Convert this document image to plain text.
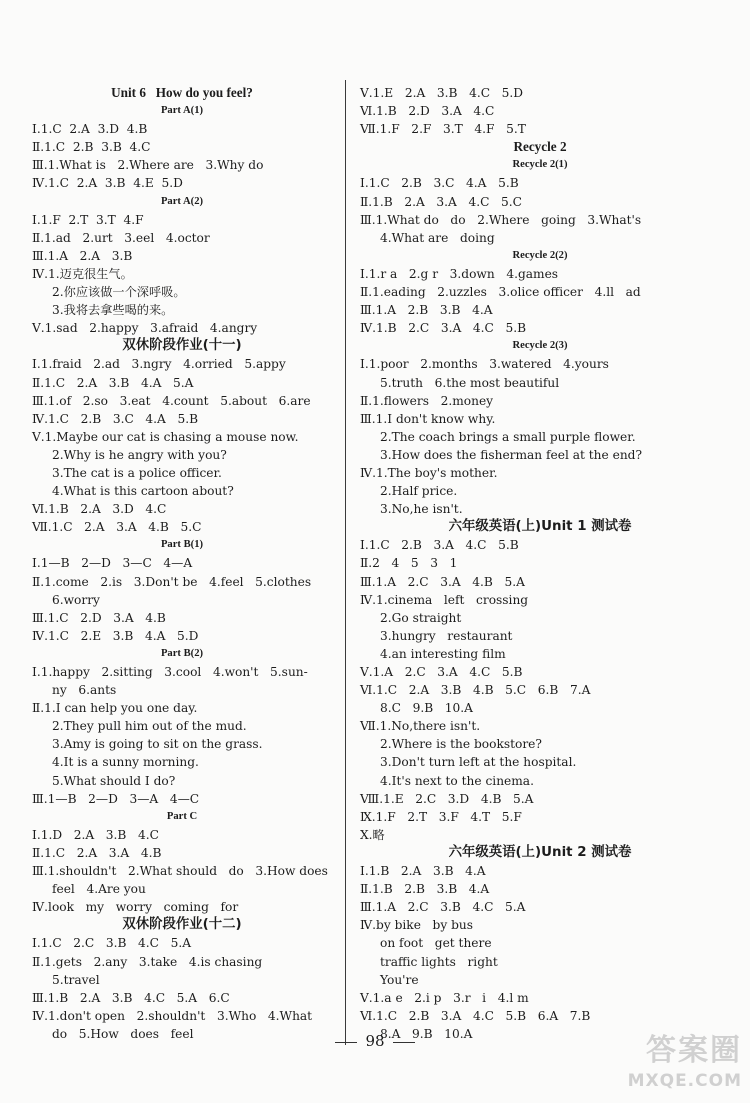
Unit 6   How do you feel?
Part A(1)
Ⅰ.1.C  2.A  3.D  4.B
Ⅱ.1.C  2.B  3.B  4.C
Ⅲ.1.What is   2.Where are   3.Why do
Ⅳ.1.C  2.A  3.B  4.E  5.D
Part A(2)
Ⅰ.1.F  2.T  3.T  4.F
Ⅱ.1.ad   2.urt   3.eel   4.octor
Ⅲ.1.A   2.A   3.B
Ⅳ.1.迈克很生气。
2.你应该做一个深呼吸。
3.我将去拿些喝的来。
Ⅴ.1.sad   2.happy   3.afraid   4.angry
双休阶段作业(十一)
Ⅰ.1.fraid   2.ad   3.ngry   4.orried   5.appy
Ⅱ.1.C   2.A   3.B   4.A   5.A
Ⅲ.1.of   2.so   3.eat   4.count   5.about   6.are
Ⅳ.1.C   2.B   3.C   4.A   5.B
Ⅴ.1.Maybe our cat is chasing a mouse now.
2.Why is he angry with you?
3.The cat is a police officer.
4.What is this cartoon about?
Ⅵ.1.B   2.A   3.D   4.C
Ⅶ.1.C   2.A   3.A   4.B   5.C
Part B(1)
Ⅰ.1—B   2—D   3—C   4—A
Ⅱ.1.come   2.is   3.Don't be   4.feel   5.clothes
6.worry
Ⅲ.1.C   2.D   3.A   4.B
Ⅳ.1.C   2.E   3.B   4.A   5.D
Part B(2)
Ⅰ.1.happy   2.sitting   3.cool   4.won't   5.sun-
ny   6.ants
Ⅱ.1.I can help you one day.
2.They pull him out of the mud.
3.Amy is going to sit on the grass.
4.It is a sunny morning.
5.What should I do?
Ⅲ.1—B   2—D   3—A   4—C
Part C
Ⅰ.1.D   2.A   3.B   4.C
Ⅱ.1.C   2.A   3.A   4.B
Ⅲ.1.shouldn't   2.What should   do   3.How does
feel   4.Are you
Ⅳ.look   my   worry   coming   for
双休阶段作业(十二)
Ⅰ.1.C   2.C   3.B   4.C   5.A
Ⅱ.1.gets   2.any   3.take   4.is chasing
5.travel
Ⅲ.1.B   2.A   3.B   4.C   5.A   6.C
Ⅳ.1.don't open   2.shouldn't   3.Who   4.What
do   5.How   does   feel
Ⅴ.1.E   2.A   3.B   4.C   5.D
Ⅵ.1.B   2.D   3.A   4.C
Ⅶ.1.F   2.F   3.T   4.F   5.T
Recycle 2
Recycle 2(1)
Ⅰ.1.C   2.B   3.C   4.A   5.B
Ⅱ.1.B   2.A   3.A   4.C   5.C
Ⅲ.1.What do   do   2.Where   going   3.What's
4.What are   doing
Recycle 2(2)
Ⅰ.1.r a   2.g r   3.down   4.games
Ⅱ.1.eading   2.uzzles   3.olice officer   4.ll   ad
Ⅲ.1.A   2.B   3.B   4.A
Ⅳ.1.B   2.C   3.A   4.C   5.B
Recycle 2(3)
Ⅰ.1.poor   2.months   3.watered   4.yours
5.truth   6.the most beautiful
Ⅱ.1.flowers   2.money
Ⅲ.1.I don't know why.
2.The coach brings a small purple flower.
3.How does the fisherman feel at the end?
Ⅳ.1.The boy's mother.
2.Half price.
3.No,he isn't.
六年级英语(上)Unit 1 测试卷
Ⅰ.1.C   2.B   3.A   4.C   5.B
Ⅱ.2   4   5   3   1
Ⅲ.1.A   2.C   3.A   4.B   5.A
Ⅳ.1.cinema   left   crossing
2.Go straight
3.hungry   restaurant
4.an interesting film
Ⅴ.1.A   2.C   3.A   4.C   5.B
Ⅵ.1.C   2.A   3.B   4.B   5.C   6.B   7.A
8.C   9.B   10.A
Ⅶ.1.No,there isn't.
2.Where is the bookstore?
3.Don't turn left at the hospital.
4.It's next to the cinema.
Ⅷ.1.E   2.C   3.D   4.B   5.A
Ⅸ.1.F   2.T   3.F   4.T   5.F
Ⅹ.略
六年级英语(上)Unit 2 测试卷
Ⅰ.1.B   2.A   3.B   4.A
Ⅱ.1.B   2.B   3.B   4.A
Ⅲ.1.A   2.C   3.B   4.C   5.A
Ⅳ.by bike   by bus
on foot   get there
traffic lights   right
You're
Ⅴ.1.a e   2.i p   3.r   i   4.l m
Ⅵ.1.C   2.B   3.A   4.C   5.B   6.A   7.B
8.A   9.B   10.A
98	答案圈
MXQE.COM
